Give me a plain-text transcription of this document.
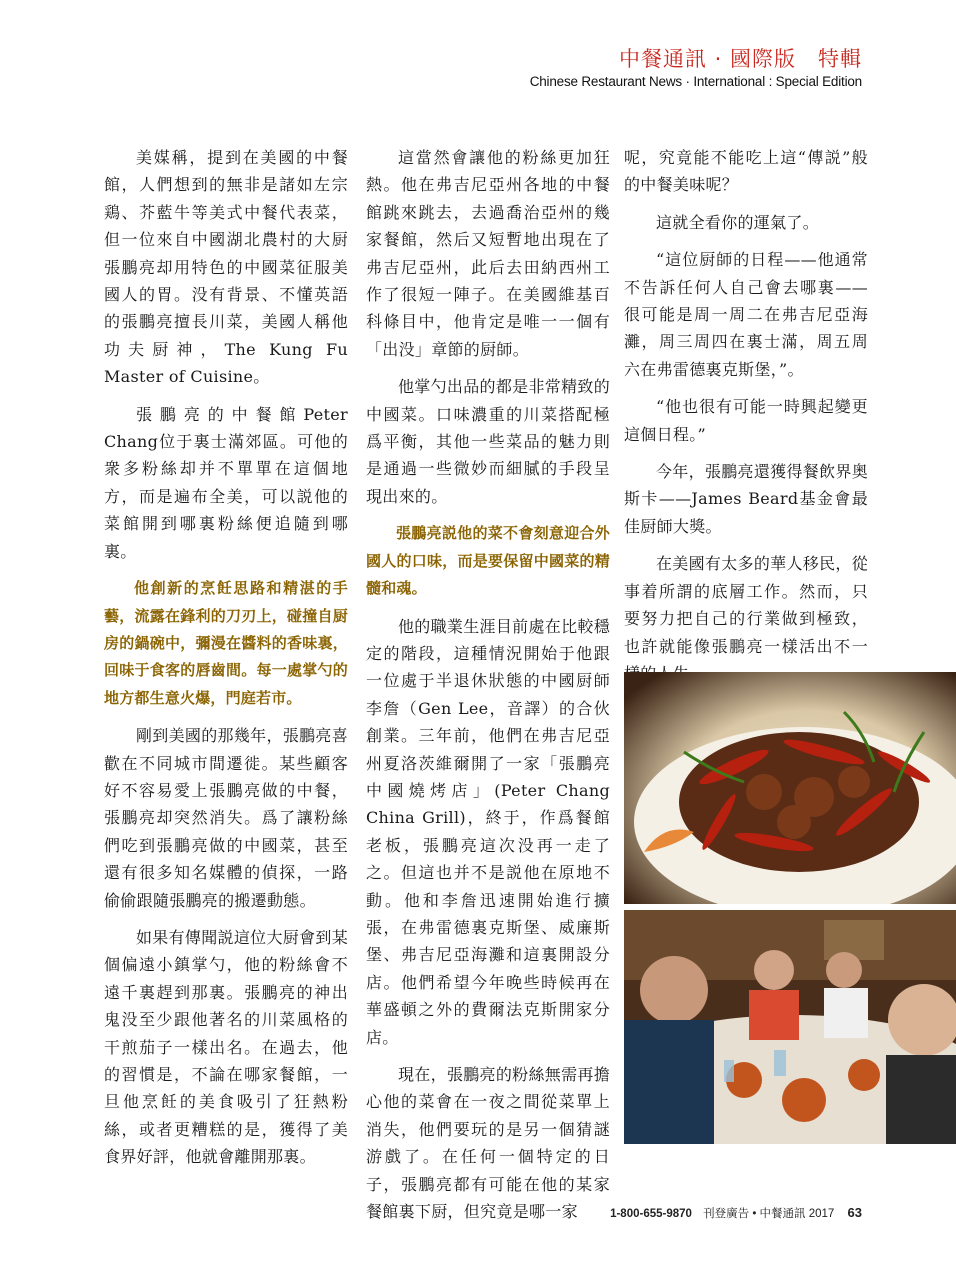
中餐通訊 · 國際版　特輯
Chinese Restaurant News · International : Special Edition

美媒稱，提到在美國的中餐館，人們想到的無非是諸如左宗鶏、芥藍牛等美式中餐代表菜，但一位來自中國湖北農村的大厨張鵬亮却用特色的中國菜征服美國人的胃。没有背景、不懂英語的張鵬亮擅長川菜，美國人稱他功夫厨神，The Kung Fu Master of Cuisine。

張鵬亮的中餐館Peter Chang位于裏士滿郊區。可他的衆多粉絲却并不單單在這個地方，而是遍布全美，可以説他的菜館開到哪裏粉絲便追隨到哪裏。

他創新的烹飪思路和精湛的手藝，流露在鋒利的刀刃上，碰撞自厨房的鍋碗中，彌漫在醬料的香味裏，回味于食客的唇齒間。每一處掌勺的地方都生意火爆，門庭若市。

剛到美國的那幾年，張鵬亮喜歡在不同城市間遷徙。某些顧客好不容易愛上張鵬亮做的中餐，張鵬亮却突然消失。爲了讓粉絲們吃到張鵬亮做的中國菜，甚至還有很多知名媒體的偵探，一路偷偷跟隨張鵬亮的搬遷動態。

如果有傳聞説這位大厨會到某個偏遠小鎮掌勺，他的粉絲會不遠千裏趕到那裏。張鵬亮的神出鬼没至少跟他著名的川菜風格的干煎茄子一樣出名。在過去，他的習慣是，不論在哪家餐館，一旦他烹飪的美食吸引了狂熱粉絲，或者更糟糕的是，獲得了美食界好評，他就會離開那裏。

這當然會讓他的粉絲更加狂熱。他在弗吉尼亞州各地的中餐館跳來跳去，去過喬治亞州的幾家餐館，然后又短暫地出現在了弗吉尼亞州，此后去田納西州工作了很短一陣子。在美國維基百科條目中，他肯定是唯一一個有「出没」章節的厨師。

他掌勺出品的都是非常精致的中國菜。口味濃重的川菜搭配極爲平衡，其他一些菜品的魅力則是通過一些微妙而細膩的手段呈現出來的。

張鵬亮説他的菜不會刻意迎合外國人的口味，而是要保留中國菜的精髓和魂。

他的職業生涯目前處在比較穩定的階段，這種情況開始于他跟一位處于半退休狀態的中國厨師李詹（Gen Lee，音譯）的合伙創業。三年前，他們在弗吉尼亞州夏洛茨維爾開了一家「張鵬亮中國燒烤店」(Peter Chang China Grill)，終于，作爲餐館老板，張鵬亮這次没再一走了之。但這也并不是説他在原地不動。他和李詹迅速開始進行擴張，在弗雷德裏克斯堡、威廉斯堡、弗吉尼亞海灘和這裏開設分店。他們希望今年晚些時候再在華盛頓之外的費爾法克斯開家分店。

現在，張鵬亮的粉絲無需再擔心他的菜會在一夜之間從菜單上消失，他們要玩的是另一個猜謎游戲了。在任何一個特定的日子，張鵬亮都有可能在他的某家餐館裏下厨，但究竟是哪一家

呢，究竟能不能吃上這“傳説”般的中餐美味呢？

這就全看你的運氣了。

“這位厨師的日程——他通常不告訴任何人自己會去哪裏——很可能是周一周二在弗吉尼亞海灘，周三周四在裏士滿，周五周六在弗雷德裏克斯堡，”。

“他也很有可能一時興起變更這個日程。”

今年，張鵬亮還獲得餐飲界奥斯卡——James Beard基金會最佳厨師大獎。

在美國有太多的華人移民，從事着所謂的底層工作。然而，只要努力把自己的行業做到極致，也許就能像張鵬亮一樣活出不一

1-800-655-9870 刊登廣告 • 中餐通訊 2017 63
